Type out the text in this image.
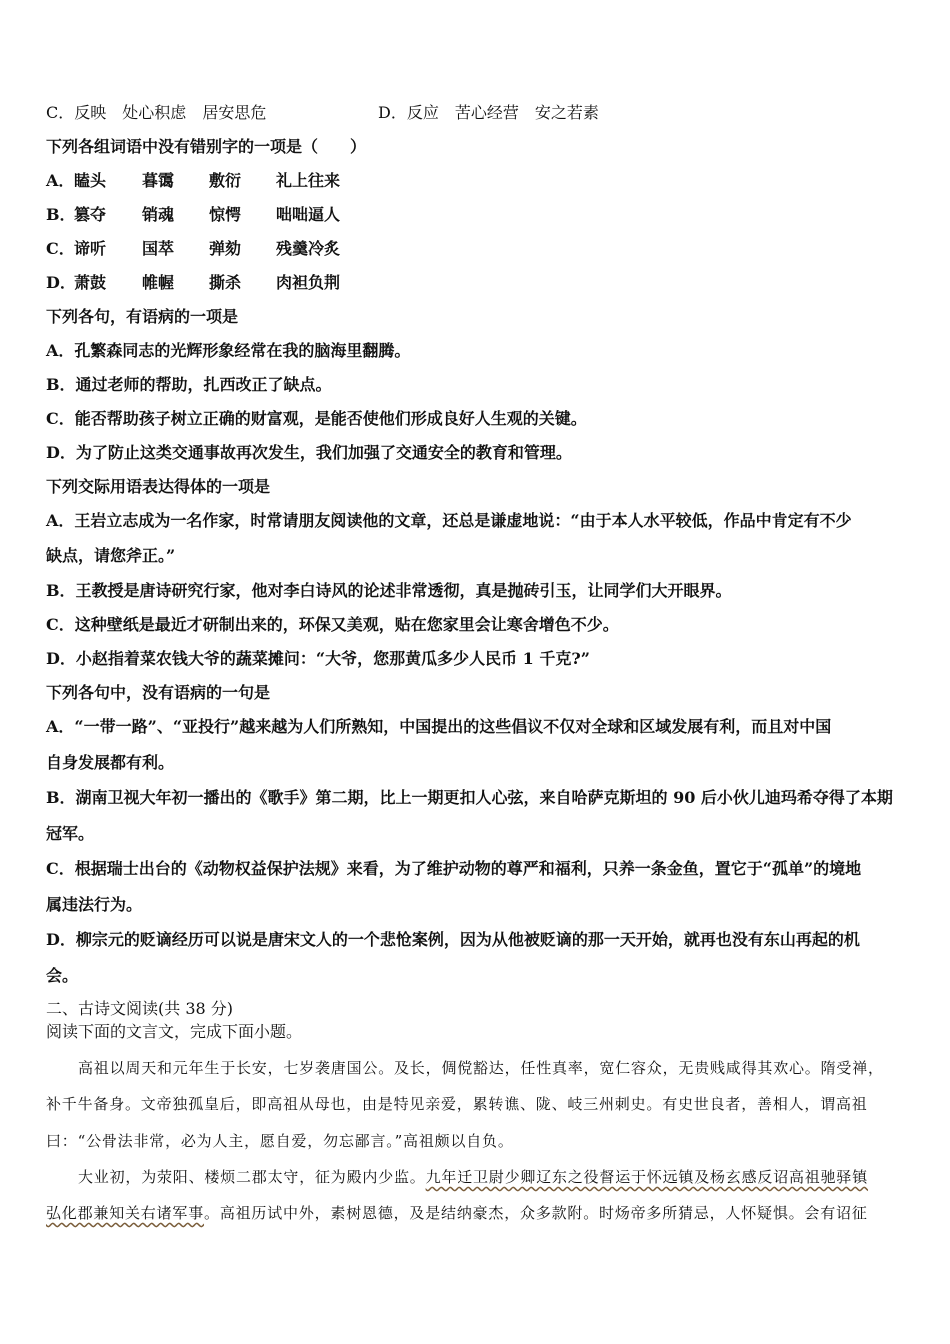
C．反映　 处心积虑　 居安思危	D．反应　 苦心经营　 安之若素
下列各组词语中没有错别字的一项是（　　）
A． 瞌头 暮霭 敷衍 礼上往来
B．
篡夺 销魂 惊愕 咄咄逼人
C． 谛听 国萃 弹劾 残羹冷炙
D．
萧鼓 帷幄 撕杀 肉袒负荆
下列各句，有语病的一项是
A．孔繁森同志的光辉形象经常在我的脑海里翻腾。
B．通过老师的帮助，扎西改正了缺点。
C．能否帮助孩子树立正确的财富观，是能否使他们形成良好人生观的关键。
D．为了防止这类交通事故再次发生，我们加强了交通安全的教育和管理。
下列交际用语表达得体的一项是
A．王岩立志成为一名作家，时常请朋友阅读他的文章，还总是谦虚地说：“由于本人水平较低，作品中肯定有不少
缺点，请您斧正。”
B．王教授是唐诗研究行家，他对李白诗风的论述非常透彻，真是抛砖引玉，让同学们大开眼界。
C．这种壁纸是最近才研制出来的，环保又美观，贴在您家里会让寒舍增色不少。
D．小赵指着菜农钱大爷的蔬菜摊问：“大爷，您那黄瓜多少人民币 1 千克?”
下列各句中，没有语病的一句是
A．“一带一路”、“亚投行”越来越为人们所熟知，中国提出的这些倡议不仅对全球和区域发展有利，而且对中国
自身发展都有利。
B．湖南卫视大年初一播出的《歌手》第二期，比上一期更扣人心弦，来自哈萨克斯坦的 90 后小伙儿迪玛希夺得了本期
冠军。
C．根据瑞士出台的《动物权益保护法规》来看，为了维护动物的尊严和福利，只养一条金鱼，置它于“孤单”的境地
属违法行为。
D．柳宗元的贬谪经历可以说是唐宋文人的一个悲怆案例，因为从他被贬谪的那一天开始，就再也没有东山再起的机
会。
二、古诗文阅读(共 38 分)
阅读下面的文言文，完成下面小题。
高祖以周天和元年生于长安，七岁袭唐国公。及长，倜傥豁达，任性真率，宽仁容众，无贵贱咸得其欢心。隋受禅，
补千牛备身。文帝独孤皇后，即高祖从母也，由是特见亲爱，累转谯、陇、岐三州刺史。有史世良者，善相人，谓高祖
曰：“公骨法非常，必为人主，愿自爱，勿忘鄙言。”高祖颇以自负。
大业初，为荥阳、楼烦二郡太守，征为殿内少监。九年迁卫尉少卿辽东之役督运于怀远镇及杨玄感反诏高祖驰驿镇
弘化郡兼知关右诸军事。高祖历试中外，素树恩德，及是结纳豪杰，众多款附。时炀帝多所猜忌，人怀疑惧。会有诏征
